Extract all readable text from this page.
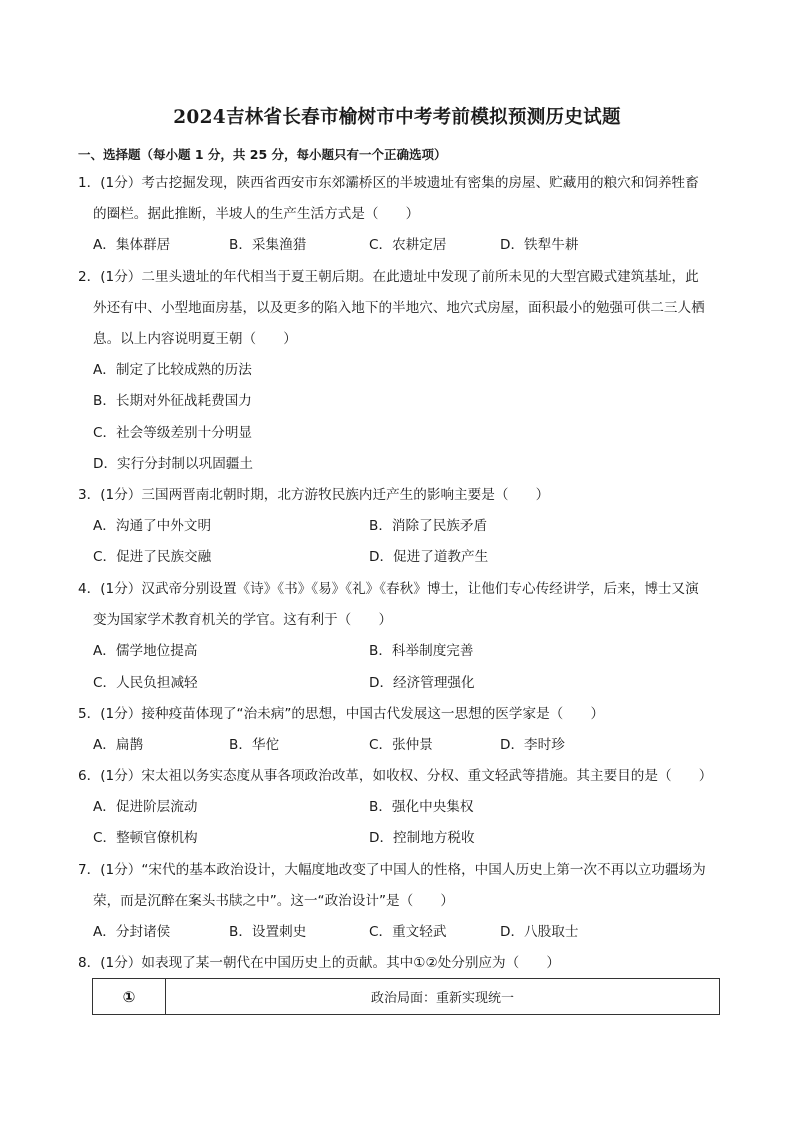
2024吉林省长春市榆树市中考考前模拟预测历史试题
一、选择题（每小题 1 分，共 25 分，每小题只有一个正确选项）
1．(1分）考古挖掘发现，陕西省西安市东郊灞桥区的半坡遗址有密集的房屋、贮藏用的粮穴和饲养牲畜
的圈栏。据此推断，半坡人的生产生活方式是（　　）
A．集体群居	B．采集渔猎	C．农耕定居	D．铁犁牛耕
2．(1分）二里头遗址的年代相当于夏王朝后期。在此遗址中发现了前所未见的大型宫殿式建筑基址，此
外还有中、小型地面房基，以及更多的陷入地下的半地穴、地穴式房屋，面积最小的勉强可供二三人栖
息。以上内容说明夏王朝（　　）
A．制定了比较成熟的历法
B．长期对外征战耗费国力
C．社会等级差别十分明显
D．实行分封制以巩固疆土
3．(1分）三国两晋南北朝时期，北方游牧民族内迁产生的影响主要是（　　）
A．沟通了中外文明	B．消除了民族矛盾
C．促进了民族交融	D．促进了道教产生
4．(1分）汉武帝分别设置《诗》《书》《易》《礼》《春秋》博士，让他们专心传经讲学，后来，博士又演
变为国家学术教育机关的学官。这有利于（　　）
A．儒学地位提高	B．科举制度完善
C．人民负担减轻	D．经济管理强化
5．(1分）接种疫苗体现了“治未病”的思想，中国古代发展这一思想的医学家是（　　）
A．扁鹊	B．华佗	C．张仲景	D．李时珍
6．(1分）宋太祖以务实态度从事各项政治改革，如收权、分权、重文轻武等措施。其主要目的是（　　）
A．促进阶层流动	B．强化中央集权
C．整顿官僚机构	D．控制地方税收
7．(1分）“宋代的基本政治设计，大幅度地改变了中国人的性格，中国人历史上第一次不再以立功疆场为
荣，而是沉醉在案头书牍之中”。这一“政治设计”是（　　）
A．分封诸侯	B．设置刺史	C．重文轻武	D．八股取士
8．(1分）如表现了某一朝代在中国历史上的贡献。其中①②处分别应为（　　）
①	政治局面：重新实现统一
